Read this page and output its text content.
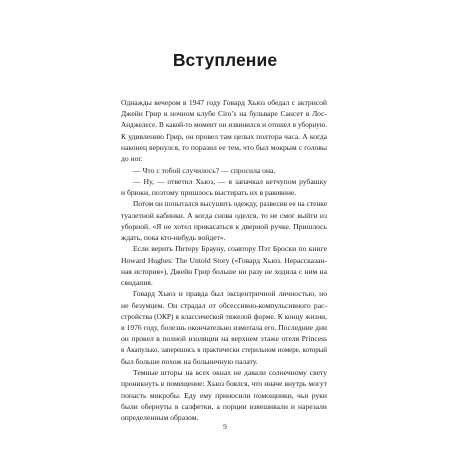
Вступление
Однажды вечером в 1947 году Говард Хьюз обедал с актрисой
Джейн Грир в ночном клубе Ciro’s на бульваре Сансет в Лос-
Анджелесе. В какой-то момент он извинился и отошел в уборную.
К удивлению Грир, он провел там целых полтора часа. А когда
наконец вернулся, то поразил ее тем, что был мокрым с головы
до ног.
— Что с тобой случилось? — спросила она.
— Ну, — ответил Хьюз, — я запачкал кетчупом рубашку
и брюки, поэтому пришлось выстирать их в раковине.
Потом он попытался высушить одежду, развесив ее на стенке
туалетной кабинки. А когда снова оделся, то не смог выйти из
уборной. «Я не хотел прикасаться к дверной ручке. Пришлось
ждать, пока кто-нибудь войдет».
Если верить Питеру Брауну, соавтору Пэт Броски по книге
Howard Hughes: The Untold Story («Говард Хьюз. Нерассказан-
ная история»), Джейн Грир больше ни разу не ходила с ним на
свидания.
Говард Хьюз и правда был эксцентричной личностью, но
не безумцем. Он страдал от обсессивно-компульсивного рас-
стройства (ОКР) в классической тяжелой форме. К концу жизни,
в 1976 году, болезнь окончательно измотала его. Последние дни
он провел в полной изоляции на верхнем этаже отеля Princess
в Акапулько, заперешись в практически стерильном номере, который
был больше похож на больничную палату.
Темные шторы на всех окнах не давали солнечному свету
проникнуть в помещение: Хьюз боялся, что иначе внутрь могут
попасть микробы. Еду ему приносили помощники, чьи руки
были обернуты в салфетки, а порции взвешивали и нарезали
определенным образом.
9
